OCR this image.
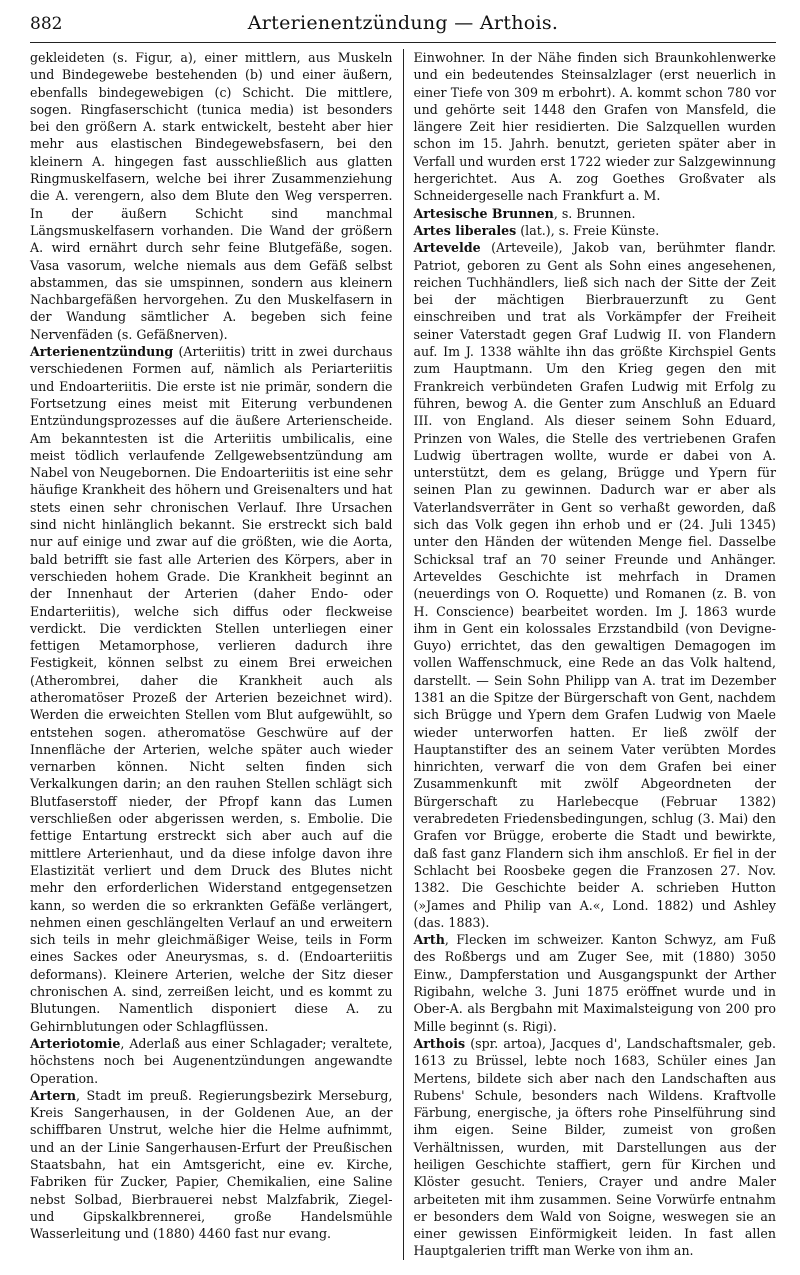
882	Arterienentzündung — Arthois.

gekleideten (s. Figur, a), einer mittlern, aus Muskeln und Bindegewebe bestehenden (b) und einer äußern, ebenfalls bindegewebigen (c) Schicht. Die mittlere, sogen. Ringfaserschicht (tunica media) ist besonders bei den größern A. stark entwickelt, besteht aber hier mehr aus elastischen Bindegewebsfasern, bei den kleinern A. hingegen fast ausschließlich aus glatten Ringmuskelfasern, welche bei ihrer Zusammenziehung die A. verengern, also dem Blute den Weg versperren. In der äußern Schicht sind manchmal Längsmuskelfasern vorhanden. Die Wand der größern A. wird ernährt durch sehr feine Blutgefäße, sogen. Vasa vasorum, welche niemals aus dem Gefäß selbst abstammen, das sie umspinnen, sondern aus kleinern Nachbargefäßen hervorgehen. Zu den Muskelfasern in der Wandung sämtlicher A. begeben sich feine Nervenfäden (s. Gefäßnerven).

Arterienentzündung (Arteriitis) tritt in zwei durchaus verschiedenen Formen auf, nämlich als Periarteriitis und Endoarteriitis. Die erste ist nie primär, sondern die Fortsetzung eines meist mit Eiterung verbundenen Entzündungsprozesses auf die äußere Arterienscheide. Am bekanntesten ist die Arteriitis umbilicalis, eine meist tödlich verlaufende Zellgewebsentzündung am Nabel von Neugebornen. Die Endoarteriitis ist eine sehr häufige Krankheit des höhern und Greisenalters und hat stets einen sehr chronischen Verlauf. Ihre Ursachen sind nicht hinlänglich bekannt. Sie erstreckt sich bald nur auf einige und zwar auf die größten, wie die Aorta, bald betrifft sie fast alle Arterien des Körpers, aber in verschieden hohem Grade. Die Krankheit beginnt an der Innenhaut der Arterien (daher Endo- oder Endarteriitis), welche sich diffus oder fleckweise verdickt. Die verdickten Stellen unterliegen einer fettigen Metamorphose, verlieren dadurch ihre Festigkeit, können selbst zu einem Brei erweichen (Atherombrei, daher die Krankheit auch als atheromatöser Prozeß der Arterien bezeichnet wird). Werden die erweichten Stellen vom Blut aufgewühlt, so entstehen sogen. atheromatöse Geschwüre auf der Innenfläche der Arterien, welche später auch wieder vernarben können. Nicht selten finden sich Verkalkungen darin; an den rauhen Stellen schlägt sich Blutfaserstoff nieder, der Pfropf kann das Lumen verschließen oder abgerissen werden, s. Embolie. Die fettige Entartung erstreckt sich aber auch auf die mittlere Arterienhaut, und da diese infolge davon ihre Elastizität verliert und dem Druck des Blutes nicht mehr den erforderlichen Widerstand entgegensetzen kann, so werden die so erkrankten Gefäße verlängert, nehmen einen geschlängelten Verlauf an und erweitern sich teils in mehr gleichmäßiger Weise, teils in Form eines Sackes oder Aneurysmas, s. d. (Endoarteriitis deformans). Kleinere Arterien, welche der Sitz dieser chronischen A. sind, zerreißen leicht, und es kommt zu Blutungen. Namentlich disponiert diese A. zu Gehirnblutungen oder Schlagflüssen.

Arteriotomie, Aderlaß aus einer Schlagader; veraltete, höchstens noch bei Augenentzündungen angewandte Operation.

Artern, Stadt im preuß. Regierungsbezirk Merseburg, Kreis Sangerhausen, in der Goldenen Aue, an der schiffbaren Unstrut, welche hier die Helme aufnimmt, und an der Linie Sangerhausen-Erfurt der Preußischen Staatsbahn, hat ein Amtsgericht, eine ev. Kirche, Fabriken für Zucker, Papier, Chemikalien, eine Saline nebst Solbad, Bierbrauerei nebst Malzfabrik, Ziegel- und Gipskalkbrennerei, große Handelsmühle Wasserleitung und (1880) 4460 fast nur evang.

Einwohner. In der Nähe finden sich Braunkohlenwerke und ein bedeutendes Steinsalzlager (erst neuerlich in einer Tiefe von 309 m erbohrt). A. kommt schon 780 vor und gehörte seit 1448 den Grafen von Mansfeld, die längere Zeit hier residierten. Die Salzquellen wurden schon im 15. Jahrh. benutzt, gerieten später aber in Verfall und wurden erst 1722 wieder zur Salzgewinnung hergerichtet. Aus A. zog Goethes Großvater als Schneidergeselle nach Frankfurt a. M.

Artesische Brunnen, s. Brunnen.

Artes liberales (lat.), s. Freie Künste.

Artevelde (Arteveile), Jakob van, berühmter flandr. Patriot, geboren zu Gent als Sohn eines angesehenen, reichen Tuchhändlers, ließ sich nach der Sitte der Zeit bei der mächtigen Bierbrauerzunft zu Gent einschreiben und trat als Vorkämpfer der Freiheit seiner Vaterstadt gegen Graf Ludwig II. von Flandern auf. Im J. 1338 wählte ihn das größte Kirchspiel Gents zum Hauptmann. Um den Krieg gegen den mit Frankreich verbündeten Grafen Ludwig mit Erfolg zu führen, bewog A. die Genter zum Anschluß an Eduard III. von England. Als dieser seinem Sohn Eduard, Prinzen von Wales, die Stelle des vertriebenen Grafen Ludwig übertragen wollte, wurde er dabei von A. unterstützt, dem es gelang, Brügge und Ypern für seinen Plan zu gewinnen. Dadurch war er aber als Vaterlandsverräter in Gent so verhaßt geworden, daß sich das Volk gegen ihn erhob und er (24. Juli 1345) unter den Händen der wütenden Menge fiel. Dasselbe Schicksal traf an 70 seiner Freunde und Anhänger. Arteveldes Geschichte ist mehrfach in Dramen (neuerdings von O. Roquette) und Romanen (z. B. von H. Conscience) bearbeitet worden. Im J. 1863 wurde ihm in Gent ein kolossales Erzstandbild (von Devigne-Guyo) errichtet, das den gewaltigen Demagogen im vollen Waffenschmuck, eine Rede an das Volk haltend, darstellt. — Sein Sohn Philipp van A. trat im Dezember 1381 an die Spitze der Bürgerschaft von Gent, nachdem sich Brügge und Ypern dem Grafen Ludwig von Maele wieder unterworfen hatten. Er ließ zwölf der Hauptanstifter des an seinem Vater verübten Mordes hinrichten, verwarf die von dem Grafen bei einer Zusammenkunft mit zwölf Abgeordneten der Bürgerschaft zu Harlebecque (Februar 1382) verabredeten Friedensbedingungen, schlug (3. Mai) den Grafen vor Brügge, eroberte die Stadt und bewirkte, daß fast ganz Flandern sich ihm anschloß. Er fiel in der Schlacht bei Roosbeke gegen die Franzosen 27. Nov. 1382. Die Geschichte beider A. schrieben Hutton (»James and Philip van A.«, Lond. 1882) und Ashley (das. 1883).

Arth, Flecken im schweizer. Kanton Schwyz, am Fuß des Roßbergs und am Zuger See, mit (1880) 3050 Einw., Dampferstation und Ausgangspunkt der Arther Rigibahn, welche 3. Juni 1875 eröffnet wurde und in Ober-A. als Bergbahn mit Maximalsteigung von 200 pro Mille beginnt (s. Rigi).

Arthois (spr. artoa), Jacques d', Landschaftsmaler, geb. 1613 zu Brüssel, lebte noch 1683, Schüler eines Jan Mertens, bildete sich aber nach den Landschaften aus Rubens' Schule, besonders nach Wildens. Kraftvolle Färbung, energische, ja öfters rohe Pinselführung sind ihm eigen. Seine Bilder, zumeist von großen Verhältnissen, wurden, mit Darstellungen aus der heiligen Geschichte staffiert, gern für Kirchen und Klöster gesucht. Teniers, Crayer und andre Maler arbeiteten mit ihm zusammen. Seine Vorwürfe entnahm er besonders dem Wald von Soigne, weswegen sie an einer gewissen Einförmigkeit leiden. In fast allen Hauptgalerien trifft man Werke von ihm an.
